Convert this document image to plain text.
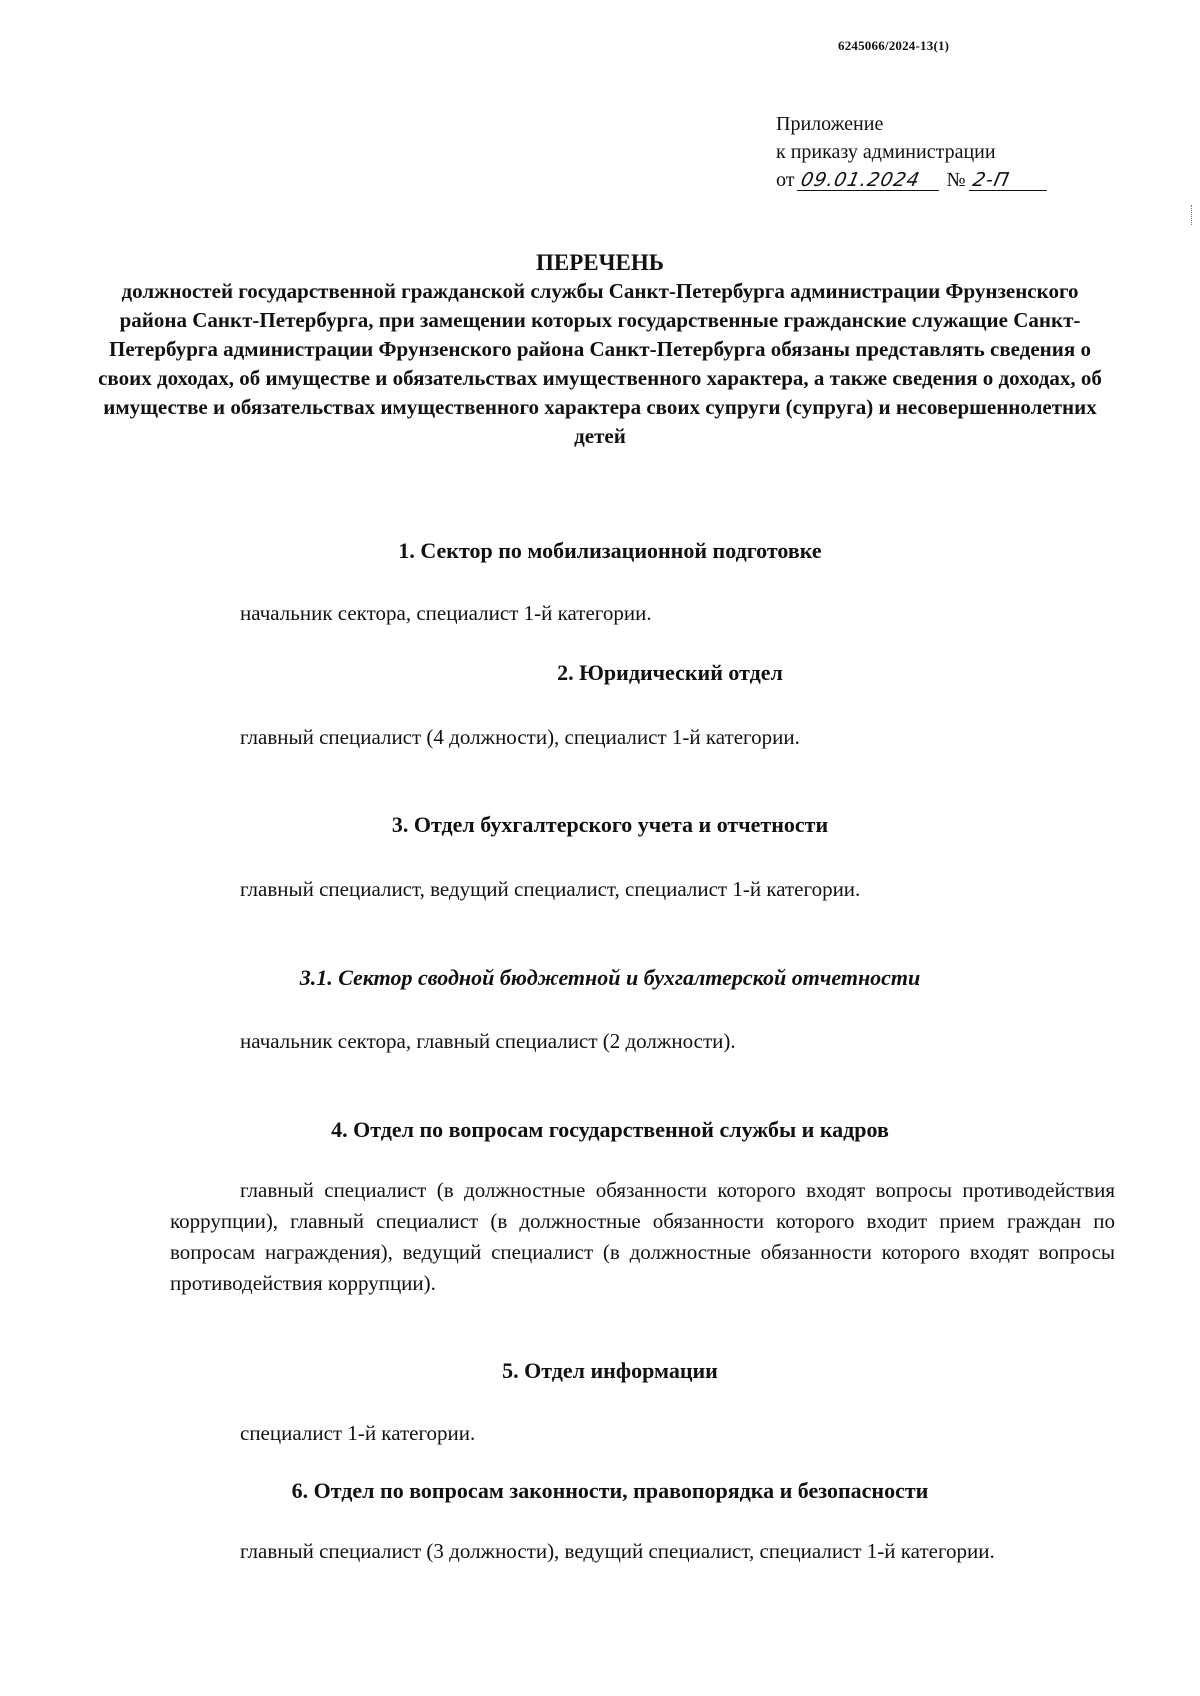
6245066/2024-13(1)
Приложение
к приказу администрации
от 09.01.2024 № 2-П
ПЕРЕЧЕНЬ
должностей государственной гражданской службы Санкт-Петербурга администрации Фрунзенского района Санкт-Петербурга, при замещении которых государственные гражданские служащие Санкт-Петербурга администрации Фрунзенского района Санкт-Петербурга обязаны представлять сведения о своих доходах, об имуществе и обязательствах имущественного характера, а также сведения о доходах, об имуществе и обязательствах имущественного характера своих супруги (супруга) и несовершеннолетних детей
1. Сектор по мобилизационной подготовке
начальник сектора, специалист 1-й категории.
2. Юридический отдел
главный специалист (4 должности), специалист 1-й категории.
3. Отдел бухгалтерского учета и отчетности
главный специалист, ведущий специалист, специалист 1-й категории.
3.1. Сектор сводной бюджетной и бухгалтерской отчетности
начальник сектора, главный специалист (2 должности).
4. Отдел по вопросам государственной службы и кадров
главный специалист (в должностные обязанности которого входят вопросы противодействия коррупции), главный специалист (в должностные обязанности которого входит прием граждан по вопросам награждения), ведущий специалист (в должностные обязанности которого входят вопросы противодействия коррупции).
5. Отдел информации
специалист 1-й категории.
6. Отдел по вопросам законности, правопорядка и безопасности
главный специалист (3 должности), ведущий специалист, специалист 1-й категории.
